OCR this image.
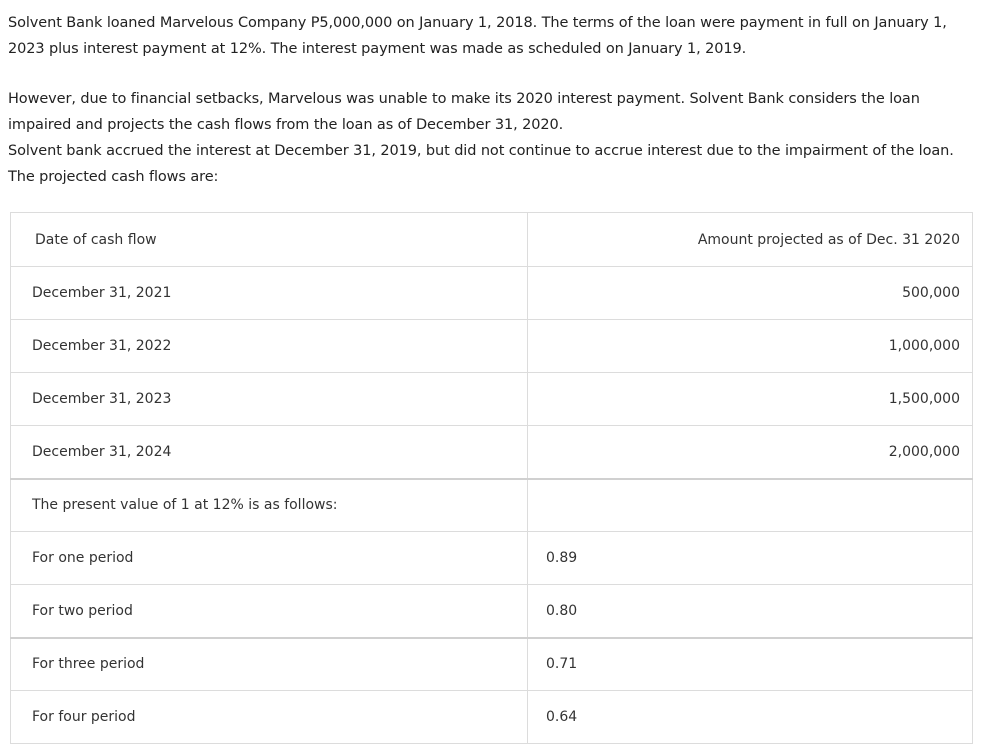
Solvent Bank loaned Marvelous Company P5,000,000 on January 1, 2018. The terms of the loan were payment in full on January 1, 2023 plus interest payment at 12%. The interest payment was made as scheduled on January 1, 2019.

However, due to financial setbacks, Marvelous was unable to make its 2020 interest payment. Solvent Bank considers the loan impaired and projects the cash flows from the loan as of December 31, 2020.
Solvent bank accrued the interest at December 31, 2019, but did not continue to accrue interest due to the impairment of the loan. The projected cash flows are:

Date of cash flow	Amount projected as of Dec. 31 2020
December 31, 2021	500,000
December 31, 2022	1,000,000
December 31, 2023	1,500,000
December 31, 2024	2,000,000
The present value of 1 at 12% is as follows:	
For one period	0.89
For two period	0.80
For three period	0.71
For four period	0.64
